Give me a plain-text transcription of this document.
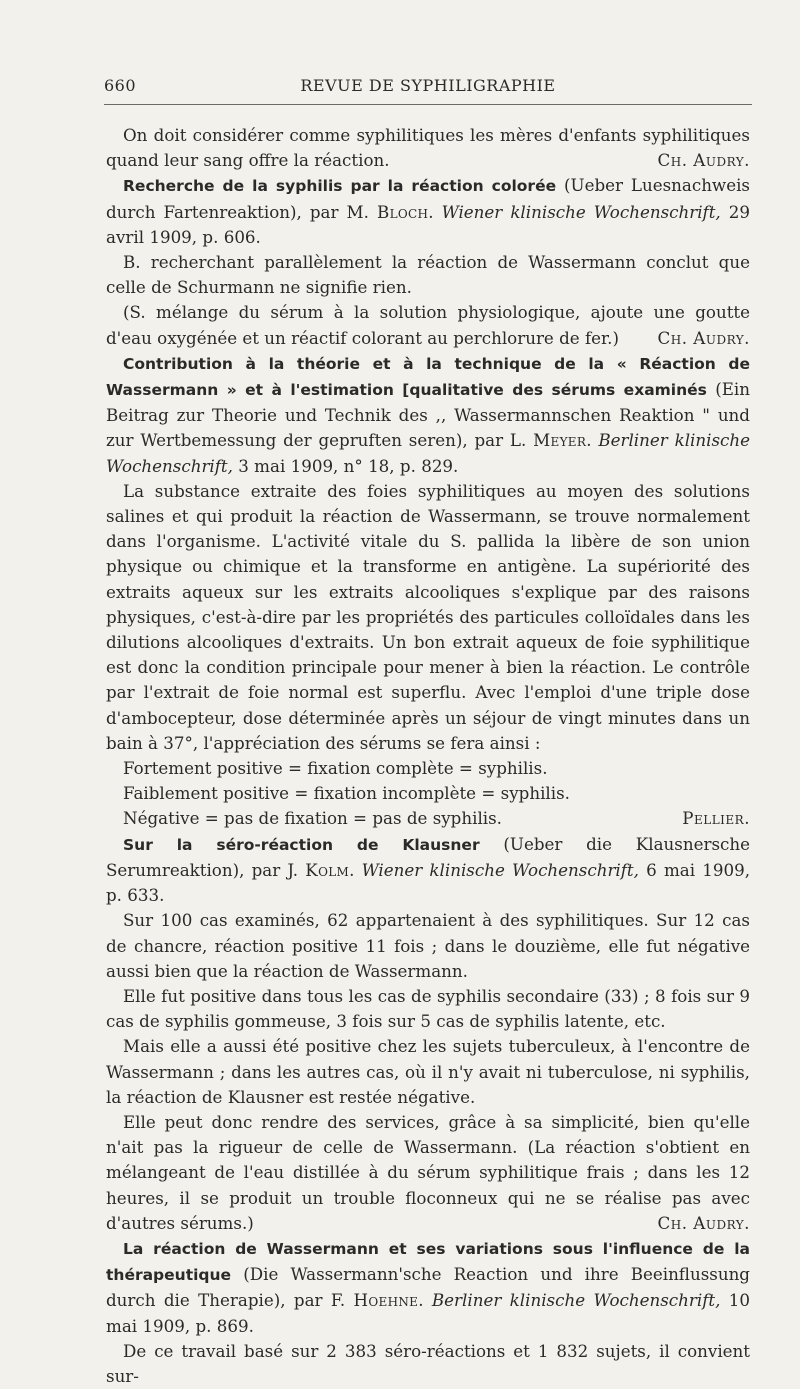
660	REVUE DE SYPHILIGRAPHIE

On doit considérer comme syphilitiques les mères d'enfants syphilitiques quand leur sang offre la réaction.	Ch. Audry.

Recherche de la syphilis par la réaction colorée (Ueber Luesnachweis durch Fartenreaktion), par M. Bloch. Wiener klinische Wochenschrift, 29 avril 1909, p. 606.

B. recherchant parallèlement la réaction de Wassermann conclut que celle de Schurmann ne signifie rien.

(S. mélange du sérum à la solution physiologique, ajoute une goutte d'eau oxygénée et un réactif colorant au perchlorure de fer.) Ch. Audry.

Contribution à la théorie et à la technique de la « Réaction de Wassermann » et à l'estimation [qualitative des sérums examinés (Ein Beitrag zur Theorie und Technik des ,, Wassermannschen Reaktion " und zur Wertbemessung der gepruften seren), par L. Meyer. Berliner klinische Wochenschrift, 3 mai 1909, n° 18, p. 829.

La substance extraite des foies syphilitiques au moyen des solutions salines et qui produit la réaction de Wassermann, se trouve normalement dans l'organisme. L'activité vitale du S. pallida la libère de son union physique ou chimique et la transforme en antigène. La supériorité des extraits aqueux sur les extraits alcooliques s'explique par des raisons physiques, c'est-à-dire par les propriétés des particules colloïdales dans les dilutions alcooliques d'extraits. Un bon extrait aqueux de foie syphilitique est donc la condition principale pour mener à bien la réaction. Le contrôle par l'extrait de foie normal est superflu. Avec l'emploi d'une triple dose d'ambocepteur, dose déterminée après un séjour de vingt minutes dans un bain à 37°, l'appréciation des sérums se fera ainsi :

Fortement positive = fixation complète = syphilis.

Faiblement positive = fixation incomplète = syphilis.

Négative = pas de fixation = pas de syphilis.	Pellier.

Sur la séro-réaction de Klausner (Ueber die Klausnersche Serumreaktion), par J. Kolm. Wiener klinische Wochenschrift, 6 mai 1909, p. 633.

Sur 100 cas examinés, 62 appartenaient à des syphilitiques. Sur 12 cas de chancre, réaction positive 11 fois ; dans le douzième, elle fut négative aussi bien que la réaction de Wassermann.

Elle fut positive dans tous les cas de syphilis secondaire (33) ; 8 fois sur 9 cas de syphilis gommeuse, 3 fois sur 5 cas de syphilis latente, etc.

Mais elle a aussi été positive chez les sujets tuberculeux, à l'encontre de Wassermann ; dans les autres cas, où il n'y avait ni tuberculose, ni syphilis, la réaction de Klausner est restée négative.

Elle peut donc rendre des services, grâce à sa simplicité, bien qu'elle n'ait pas la rigueur de celle de Wassermann. (La réaction s'obtient en mélangeant de l'eau distillée à du sérum syphilitique frais ; dans les 12 heures, il se produit un trouble floconneux qui ne se réalise pas avec d'autres sérums.)	Ch. Audry.

La réaction de Wassermann et ses variations sous l'influence de la thérapeutique (Die Wassermann'sche Reaction und ihre Beeinflussung durch die Therapie), par F. Hoehne. Berliner klinische Wochenschrift, 10 mai 1909, p. 869.

De ce travail basé sur 2 383 séro-réactions et 1 832 sujets, il convient sur-
